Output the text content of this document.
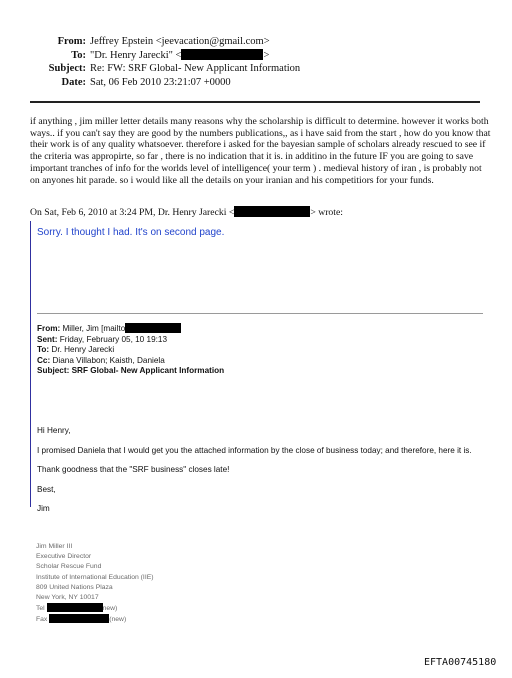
From: Jeffrey Epstein <jeevacation@gmail.com>
To: "Dr. Henry Jarecki" <	>
Subject: Re: FW: SRF Global- New Applicant Information
Date: Sat, 06 Feb 2010 23:21:07 +0000

if anything , jim miller letter details many reasons why the scholarship is difficult to determine. however it works both ways.. if you can't say they are good by the numbers publications,, as i have said from the start , how do you know that their work is of any quality whatsoever. therefore i asked for the bayesian sample of scholars already rescued to see if the criteria was appropirte, so far , there is no indication that it is. in additino in the future IF you are going to save important tranches of info for the worlds level of intelligence( your term ) . medieval history of iran , is probably not on anyones hit parade. so i would like all the details on your iranian and his competitiors for your funds.

On Sat, Feb 6, 2010 at 3:24 PM, Dr. Henry Jarecki <	> wrote:
Sorry. I thought I had. It's on second page.
From: Miller, Jim [mailto
Sent: Friday, February 05, 10 19:13
To: Dr. Henry Jarecki
Cc: Diana Villabon; Kaisth, Daniela
Subject: SRF Global- New Applicant Information

Hi Henry,

I promised Daniela that I would get you the attached information by the close of business today; and therefore, here it is.

Thank goodness that the "SRF business" closes late!

Best,

Jim

Jim Miller III
Executive Director
Scholar Rescue Fund
Institute of International Education (IIE)
809 United Nations Plaza
New York, NY 10017
Tel	new)
Fax	(new)
EFTA00745180
